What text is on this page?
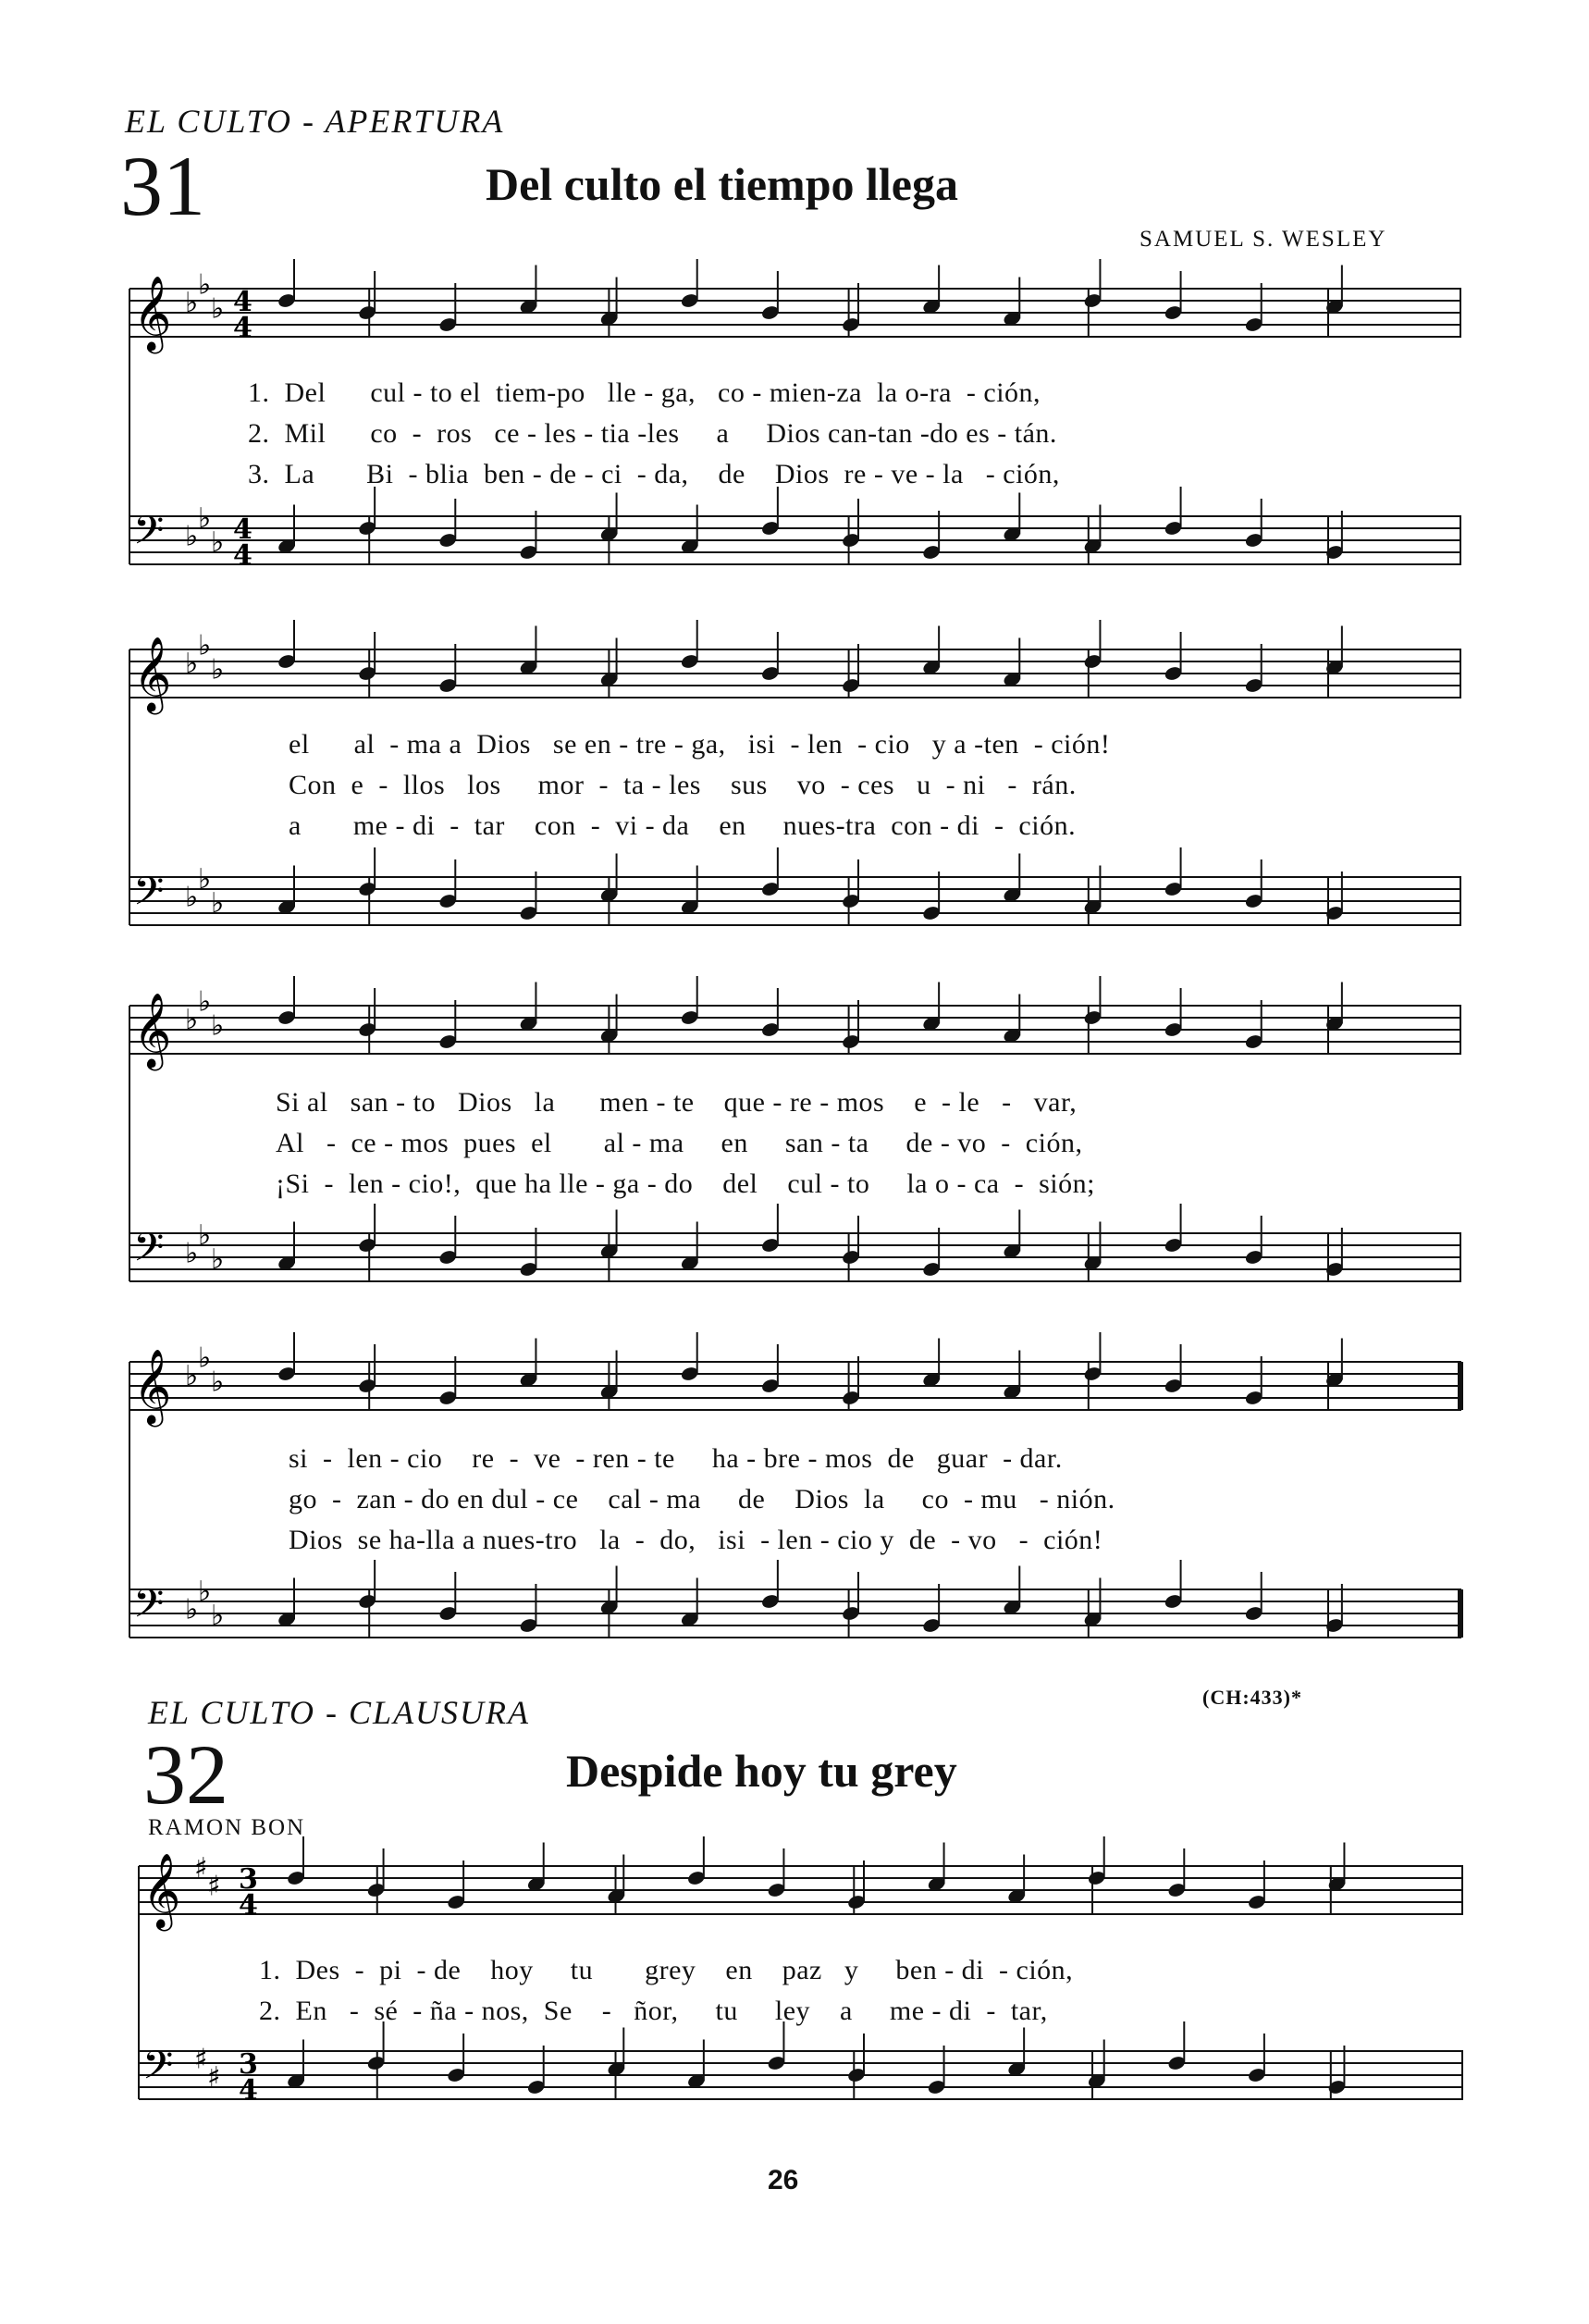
EL CULTO - APERTURA
31	Del culto el tiempo llega
SAMUEL S. WESLEY
𝄞 ♭
♭
♭ 4
4
𝄢 ♭
♭
♭ 4
4
1.  Del      cul - to el  tiem-po   lle - ga,   co - mien-za  la o-ra  - ción,
2.  Mil      co  -  ros   ce - les - tia -les     a     Dios can-tan -do es - tán.
3.  La       Bi  - blia  ben - de - ci  - da,    de    Dios  re - ve - la   - ción,
𝄞 ♭
♭
♭
𝄢 ♭
♭
♭
el      al  - ma a  Dios   se en - tre - ga,   isi  - len  - cio   y a -ten  - ción!
Con  e  -  llos   los     mor  -  ta - les    sus    vo  - ces   u  - ni   -  rán.
a       me - di  -  tar    con  -  vi - da    en     nues-tra  con - di  -  ción.
𝄞 ♭
♭
♭
𝄢 ♭
♭
♭
Si al   san - to   Dios   la      men - te    que - re - mos    e  - le   -   var,
Al   -  ce - mos  pues  el       al - ma     en     san - ta     de - vo  -  ción,
¡Si  -  len - cio!,  que ha lle - ga - do    del    cul - to     la o - ca  -  sión;
𝄞 ♭
♭
♭
𝄢 ♭
♭
♭
si  -  len - cio    re  -  ve  - ren - te     ha - bre - mos  de   guar  - dar.
go  -  zan - do en dul - ce    cal - ma     de    Dios  la     co  - mu   - nión.
Dios  se ha-lla a nues-tro   la  -  do,   isi  - len - cio y  de  - vo   -  ción!
(CH:433)*
EL CULTO - CLAUSURA
32	Despide hoy tu grey
RAMON BON
𝄞 ♯
♯ 3
4
𝄢 ♯
♯ 3
4
1.  Des  -  pi  - de    hoy     tu       grey    en    paz   y     ben - di  - ción,
2.  En   -  sé  - ña - nos,  Se    -   ñor,     tu     ley    a     me - di  -  tar,
26
